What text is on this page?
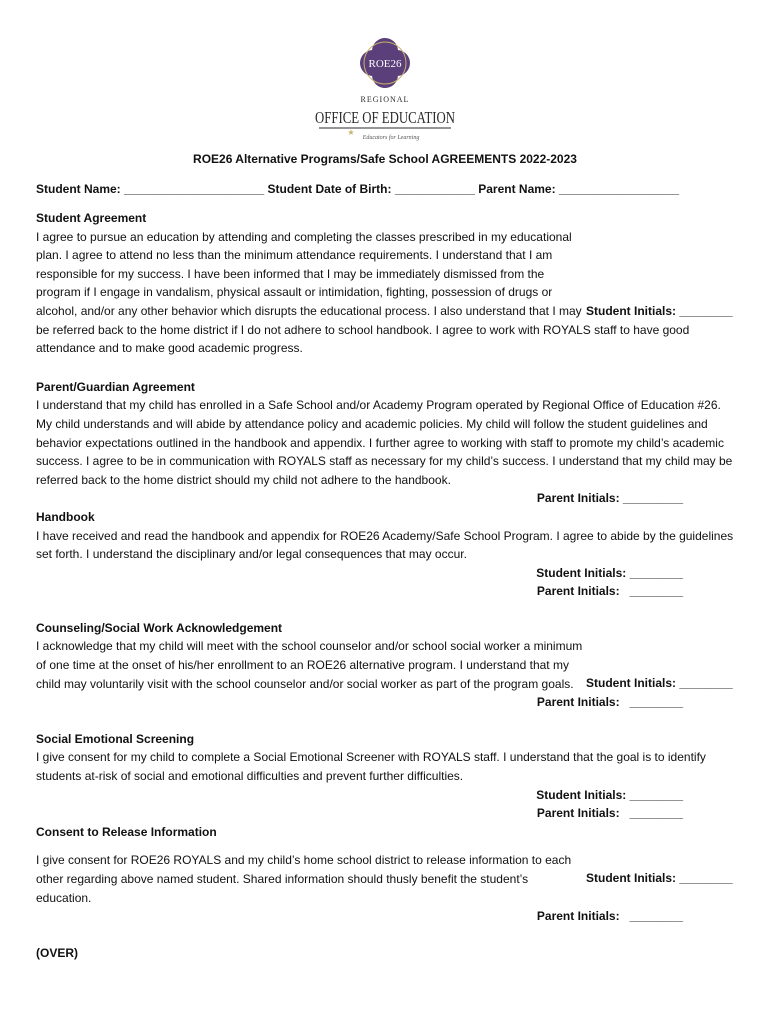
ROE26
REGIONAL
OFFICE OF EDUCATION
★
Educators for Learning
ROE26 Alternative Programs/Safe School AGREEMENTS 2022-2023
Student Name: _____________________ Student Date of Birth: ____________ Parent Name: __________________
Student Agreement
Student Initials: ________
I agree to pursue an education by attending and completing the classes prescribed in my educational plan. I agree to attend no less than the minimum attendance requirements. I understand that I am responsible for my success. I have been informed that I may be immediately dismissed from the program if I engage in vandalism, physical assault or intimidation, fighting, possession of drugs or alcohol, and/or any other behavior which disrupts the educational process. I also understand that I may be referred back to the home district if I do not adhere to school handbook. I agree to work with ROYALS staff to have good attendance and to make good academic progress.
Parent/Guardian Agreement
I understand that my child has enrolled in a Safe School and/or Academy Program operated by Regional Office of Education #26. My child understands and will abide by attendance policy and academic policies. My child will follow the student guidelines and behavior expectations outlined in the handbook and appendix. I further agree to working with staff to promote my child’s academic success. I agree to be in communication with ROYALS staff as necessary for my child’s success. I understand that my child may be referred back to the home district should my child not adhere to the handbook.
Parent Initials: _________
Handbook
I have received and read the handbook and appendix for ROE26 Academy/Safe School Program. I agree to abide by the guidelines set forth. I understand the disciplinary and/or legal consequences that may occur.
Student Initials: ________
Parent Initials:   ________
Counseling/Social Work Acknowledgement
Student Initials: ________
I acknowledge that my child will meet with the school counselor and/or school social worker a minimum of one time at the onset of his/her enrollment to an ROE26 alternative program. I understand that my child may voluntarily visit with the school counselor and/or social worker as part of the program goals.
Parent Initials:   ________
Social Emotional Screening
I give consent for my child to complete a Social Emotional Screener with ROYALS staff. I understand that the goal is to identify students at-risk of social and emotional difficulties and prevent further difficulties.
Student Initials: ________
Parent Initials:   ________
Consent to Release Information
Student Initials: ________
I give consent for ROE26 ROYALS and my child’s home school district to release information to each other regarding above named student. Shared information should thusly benefit the student’s education.
Parent Initials:   ________
(OVER)
